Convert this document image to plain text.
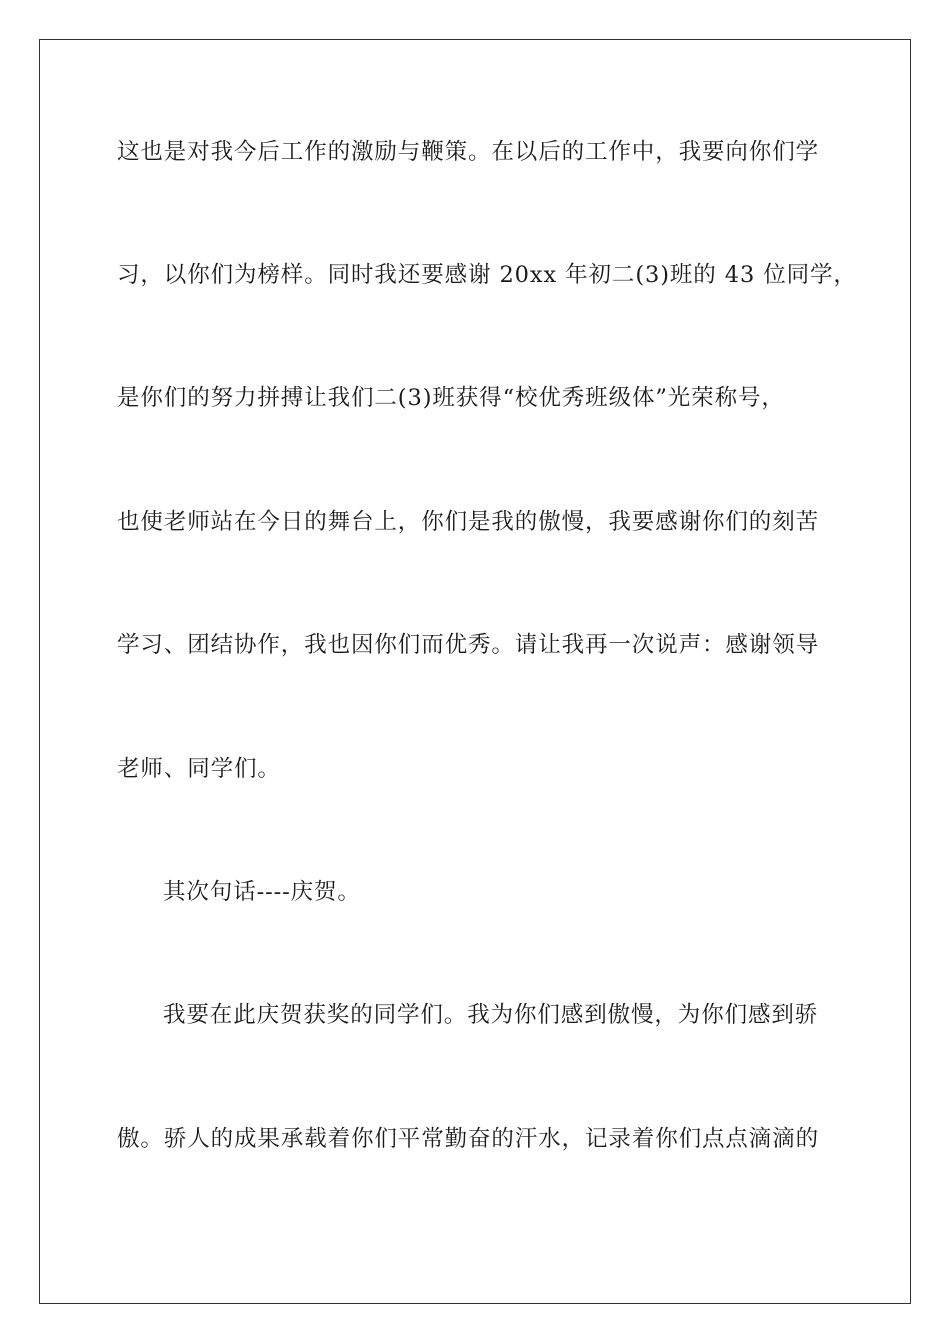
这也是对我今后工作的激励与鞭策。在以后的工作中，我要向你们学

习，以你们为榜样。同时我还要感谢 20xx 年初二(3)班的 43 位同学，

是你们的努力拼搏让我们二(3)班获得“校优秀班级体”光荣称号，

也使老师站在今日的舞台上，你们是我的傲慢，我要感谢你们的刻苦

学习、团结协作，我也因你们而优秀。请让我再一次说声：感谢领导

老师、同学们。

其次句话----庆贺。

我要在此庆贺获奖的同学们。我为你们感到傲慢，为你们感到骄

傲。骄人的成果承载着你们平常勤奋的汗水，记录着你们点点滴滴的
